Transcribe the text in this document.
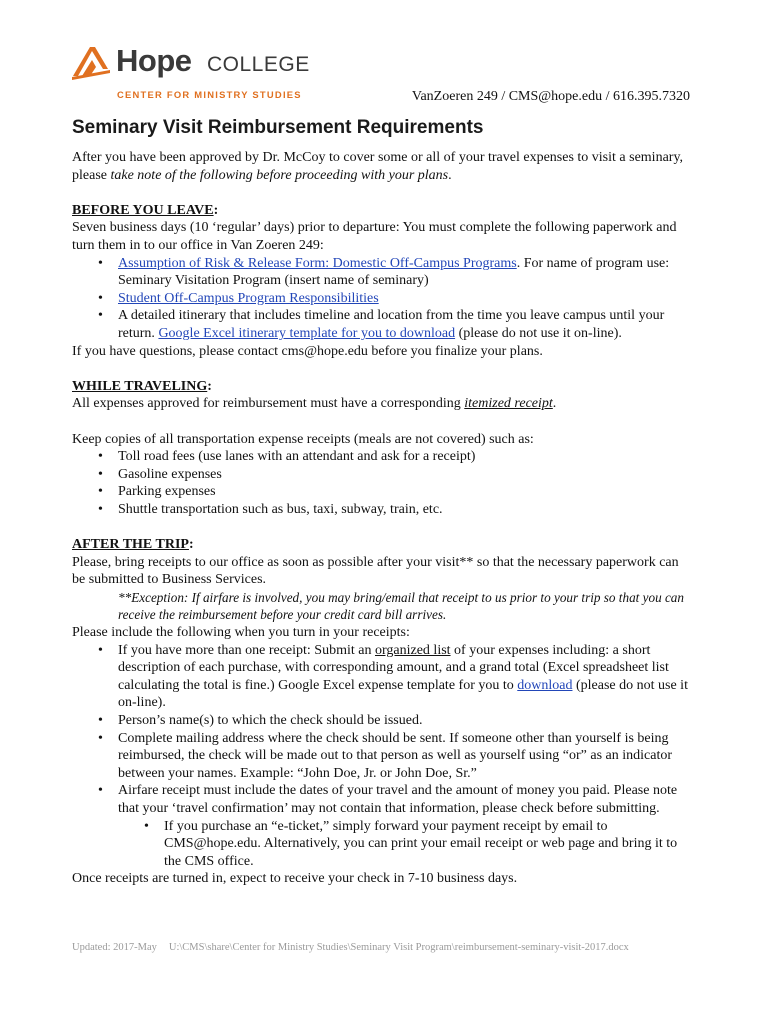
Hope COLLEGE
CENTER FOR MINISTRY STUDIES	VanZoeren 249 / CMS@hope.edu / 616.395.7320
Seminary Visit Reimbursement Requirements

After you have been approved by Dr. McCoy to cover some or all of your travel expenses to visit a seminary, please take note of the following before proceeding with your plans.

BEFORE YOU LEAVE:

Seven business days (10 ‘regular’ days) prior to departure: You must complete the following paperwork and turn them in to our office in Van Zoeren 249:

• Assumption of Risk & Release Form: Domestic Off-Campus Programs. For name of program use: Seminary Visitation Program (insert name of seminary)
• Student Off-Campus Program Responsibilities
• A detailed itinerary that includes timeline and location from the time you leave campus until your return. Google Excel itinerary template for you to download (please do not use it on-line).

If you have questions, please contact cms@hope.edu before you finalize your plans.

WHILE TRAVELING:

All expenses approved for reimbursement must have a corresponding itemized receipt.

Keep copies of all transportation expense receipts (meals are not covered) such as:

• Toll road fees (use lanes with an attendant and ask for a receipt)
• Gasoline expenses
• Parking expenses
• Shuttle transportation such as bus, taxi, subway, train, etc.

AFTER THE TRIP:

Please, bring receipts to our office as soon as possible after your visit** so that the necessary paperwork can be submitted to Business Services.

**Exception: If airfare is involved, you may bring/email that receipt to us prior to your trip so that you can receive the reimbursement before your credit card bill arrives.

Please include the following when you turn in your receipts:

• If you have more than one receipt: Submit an organized list of your expenses including: a short description of each purchase, with corresponding amount, and a grand total (Excel spreadsheet list calculating the total is fine.) Google Excel expense template for you to download (please do not use it on-line).
• Person’s name(s) to which the check should be issued.
• Complete mailing address where the check should be sent. If someone other than yourself is being reimbursed, the check will be made out to that person as well as yourself using “or” as an indicator between your names. Example: “John Doe, Jr. or John Doe, Sr.”
• Airfare receipt must include the dates of your travel and the amount of money you paid. Please note that your ‘travel confirmation’ may not contain that information, please check before submitting.
• If you purchase an “e-ticket,” simply forward your payment receipt by email to CMS@hope.edu. Alternatively, you can print your email receipt or web page and bring it to the CMS office.

Once receipts are turned in, expect to receive your check in 7-10 business days.

Updated: 2017-May U:\CMS\share\Center for Ministry Studies\Seminary Visit Program\reimbursement-seminary-visit-2017.docx
